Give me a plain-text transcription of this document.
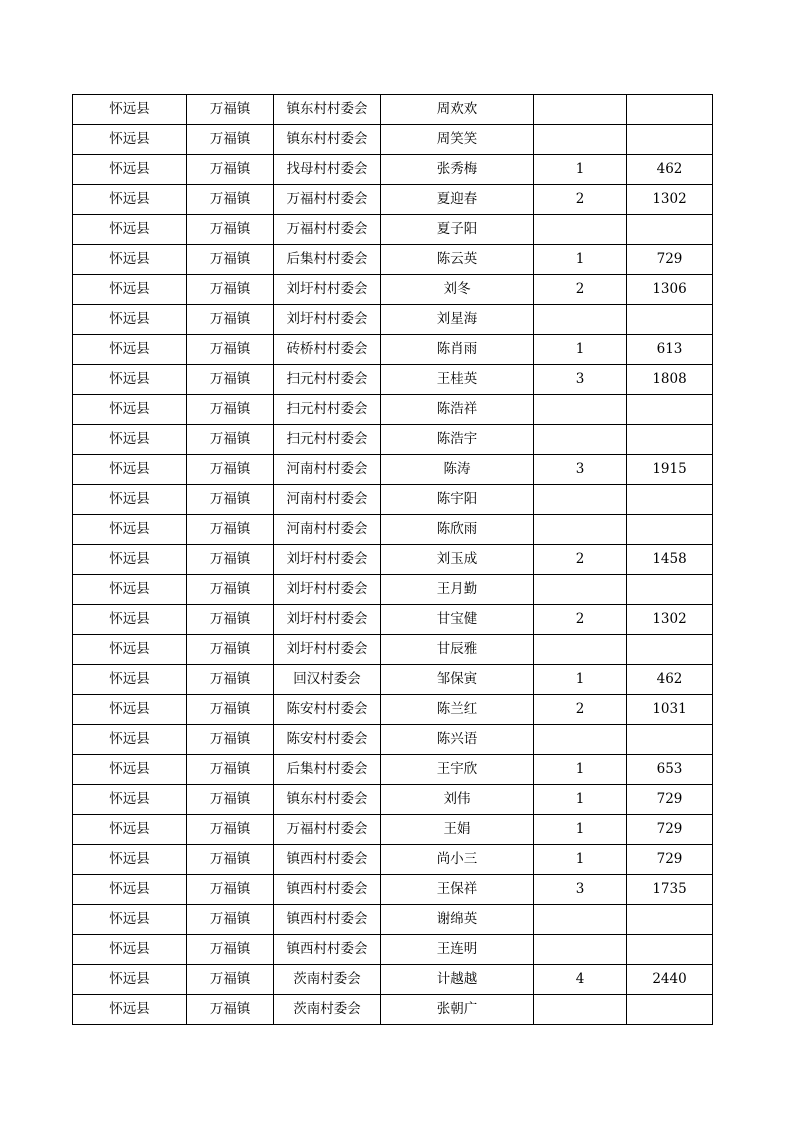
怀远县	万福镇	镇东村村委会	周欢欢		
怀远县	万福镇	镇东村村委会	周笑笑		
怀远县	万福镇	找母村村委会	张秀梅	1	462
怀远县	万福镇	万福村村委会	夏迎春	2	1302
怀远县	万福镇	万福村村委会	夏子阳		
怀远县	万福镇	后集村村委会	陈云英	1	729
怀远县	万福镇	刘圩村村委会	刘冬	2	1306
怀远县	万福镇	刘圩村村委会	刘星海		
怀远县	万福镇	砖桥村村委会	陈肖雨	1	613
怀远县	万福镇	扫元村村委会	王桂英	3	1808
怀远县	万福镇	扫元村村委会	陈浩祥		
怀远县	万福镇	扫元村村委会	陈浩宇		
怀远县	万福镇	河南村村委会	陈涛	3	1915
怀远县	万福镇	河南村村委会	陈宇阳		
怀远县	万福镇	河南村村委会	陈欣雨		
怀远县	万福镇	刘圩村村委会	刘玉成	2	1458
怀远县	万福镇	刘圩村村委会	王月勤		
怀远县	万福镇	刘圩村村委会	甘宝健	2	1302
怀远县	万福镇	刘圩村村委会	甘辰雅		
怀远县	万福镇	回汉村委会	邹保寅	1	462
怀远县	万福镇	陈安村村委会	陈兰红	2	1031
怀远县	万福镇	陈安村村委会	陈兴语		
怀远县	万福镇	后集村村委会	王宇欣	1	653
怀远县	万福镇	镇东村村委会	刘伟	1	729
怀远县	万福镇	万福村村委会	王娟	1	729
怀远县	万福镇	镇西村村委会	尚小三	1	729
怀远县	万福镇	镇西村村委会	王保祥	3	1735
怀远县	万福镇	镇西村村委会	谢绵英		
怀远县	万福镇	镇西村村委会	王连明		
怀远县	万福镇	茨南村委会	计越越	4	2440
怀远县	万福镇	茨南村委会	张朝广		
